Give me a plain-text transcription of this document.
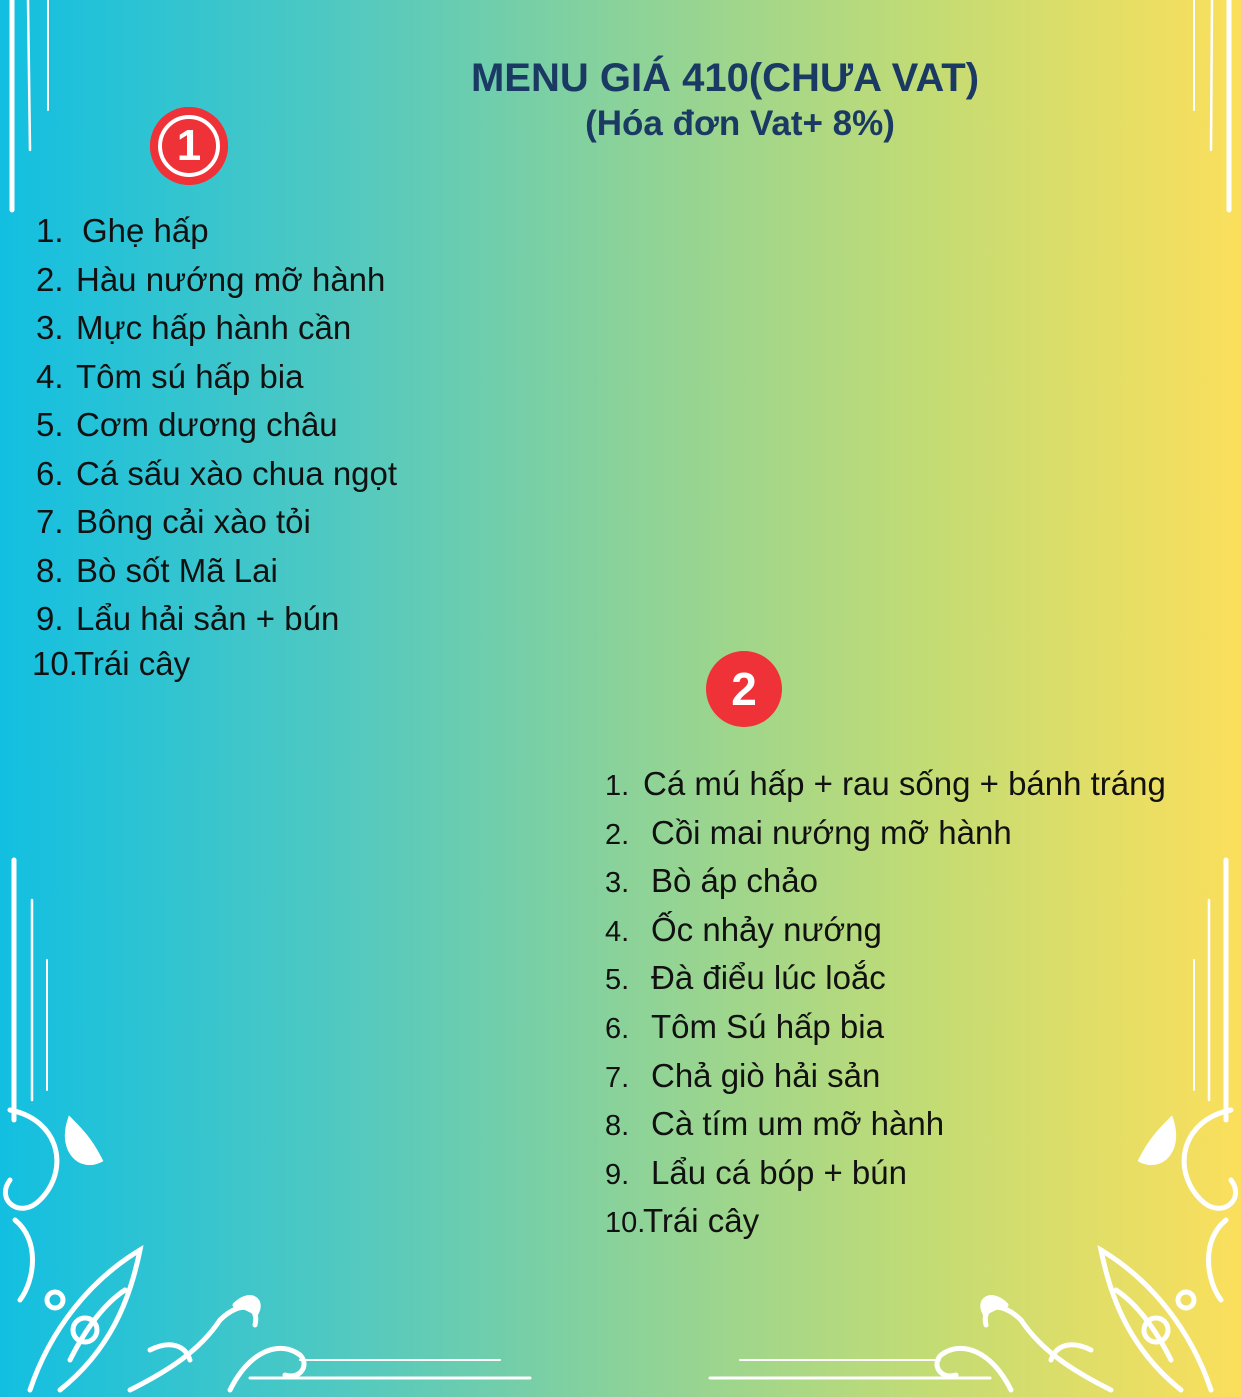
MENU GIÁ 410(CHƯA VAT)
(Hóa đơn Vat+ 8%)
1
1. Ghẹ hấp
2. Hàu nướng mỡ hành
3. Mực hấp hành cần
4. Tôm sú hấp bia
5. Cơm dương châu
6. Cá sấu xào chua ngọt
7. Bông cải xào tỏi
8. Bò sốt Mã Lai
9. Lẩu hải sản + bún
10.
Trái cây	2
1. Cá mú hấp + rau sống + bánh tráng
2. Cồi mai nướng mỡ hành
3. Bò áp chảo
4. Ốc nhảy nướng
5. Đà điểu lúc loắc
6. Tôm Sú hấp bia
7. Chả giò hải sản
8. Cà tím um mỡ hành
9. Lẩu cá bóp + bún
10.
Trái cây
